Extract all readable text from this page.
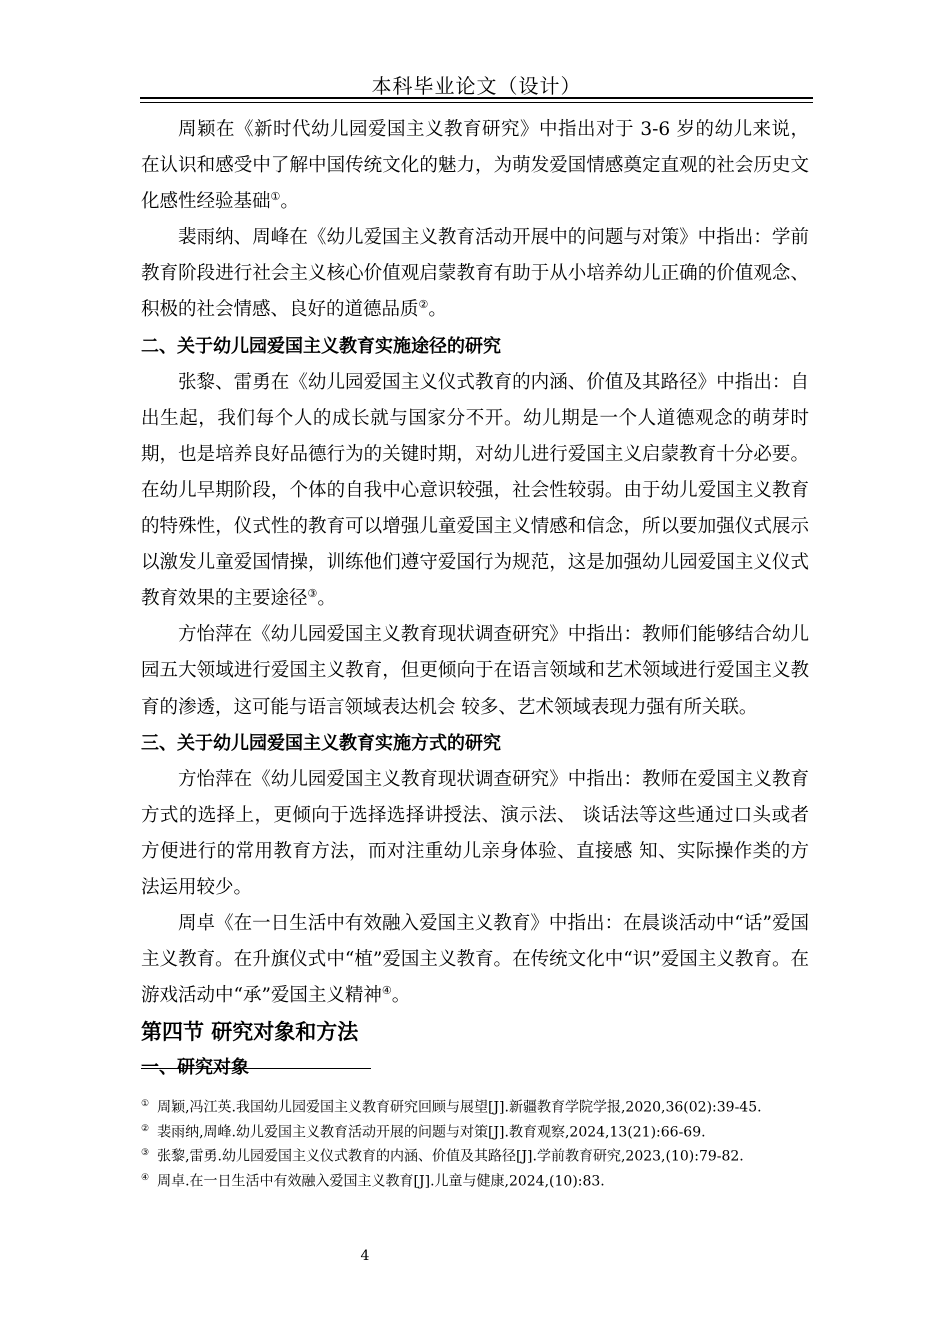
本科毕业论文（设计）

周颖在《新时代幼儿园爱国主义教育研究》中指出对于 3-6 岁的幼儿来说，在认识和感受中了解中国传统文化的魅力，为萌发爱国情感奠定直观的社会历史文化感性经验基础①。

裴雨纳、周峰在《幼儿爱国主义教育活动开展中的问题与对策》中指出：学前教育阶段进行社会主义核心价值观启蒙教育有助于从小培养幼儿正确的价值观念、积极的社会情感、良好的道德品质②。

二、关于幼儿园爱国主义教育实施途径的研究

张黎、雷勇在《幼儿园爱国主义仪式教育的内涵、价值及其路径》中指出：自出生起，我们每个人的成长就与国家分不开。幼儿期是一个人道德观念的萌芽时期，也是培养良好品德行为的关键时期，对幼儿进行爱国主义启蒙教育十分必要。在幼儿早期阶段，个体的自我中心意识较强，社会性较弱。由于幼儿爱国主义教育的特殊性，仪式性的教育可以增强儿童爱国主义情感和信念，所以要加强仪式展示以激发儿童爱国情操，训练他们遵守爱国行为规范，这是加强幼儿园爱国主义仪式教育效果的主要途径③。

方怡萍在《幼儿园爱国主义教育现状调查研究》中指出：教师们能够结合幼儿园五大领域进行爱国主义教育，但更倾向于在语言领域和艺术领域进行爱国主义教育的渗透，这可能与语言领域表达机会 较多、艺术领域表现力强有所关联。

三、关于幼儿园爱国主义教育实施方式的研究

方怡萍在《幼儿园爱国主义教育现状调查研究》中指出：教师在爱国主义教育方式的选择上，更倾向于选择选择讲授法、演示法、 谈话法等这些通过口头或者方便进行的常用教育方法，而对注重幼儿亲身体验、直接感 知、实际操作类的方法运用较少。

周卓《在一日生活中有效融入爱国主义教育》中指出：在晨谈活动中“话”爱国主义教育。在升旗仪式中“植”爱国主义教育。在传统文化中“识”爱国主义教育。在游戏活动中“承”爱国主义精神④。

第四节 研究对象和方法
一、研究对象

① 周颖,冯江英.我国幼儿园爱国主义教育研究回顾与展望[J].新疆教育学院学报,2020,36(02):39-45.

② 裴雨纳,周峰.幼儿爱国主义教育活动开展的问题与对策[J].教育观察,2024,13(21):66-69.

③ 张黎,雷勇.幼儿园爱国主义仪式教育的内涵、价值及其路径[J].学前教育研究,2023,(10):79-82.

④ 周卓.在一日生活中有效融入爱国主义教育[J].儿童与健康,2024,(10):83.

4
